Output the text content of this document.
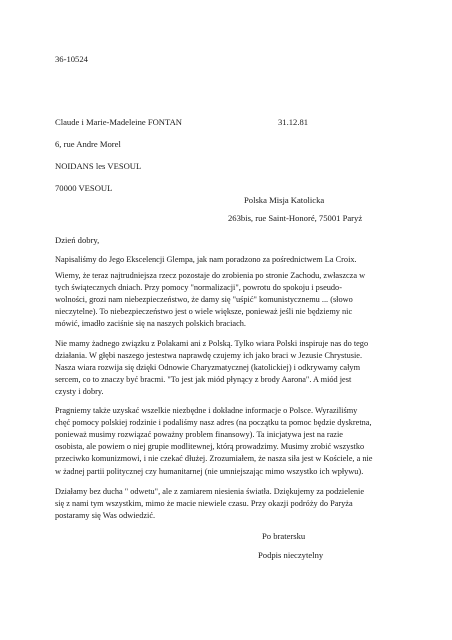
36-10524
Claude i Marie-Madeleine FONTAN	31.12.81
6, rue Andre Morel
NOIDANS les VESOUL
70000 VESOUL
Polska Misja Katolicka
263bis, rue Saint-Honoré, 75001 Paryż
Dzień dobry,
Napisaliśmy do Jego Ekscelencji Glempa, jak nam poradzono za pośrednictwem La Croix.
Wiemy, że teraz najtrudniejsza rzecz pozostaje do zrobienia po stronie Zachodu, zwłaszcza w
tych świątecznych dniach. Przy pomocy "normalizacji", powrotu do spokoju i pseudo-
wolności, grozi nam niebezpieczeństwo, że damy się "uśpić" komunistycznemu ... (słowo
nieczytelne). To niebezpieczeństwo jest o wiele większe, ponieważ jeśli nie będziemy nic
mówić, imadło zaciśnie się na naszych polskich braciach.
Nie mamy żadnego związku z Polakami ani z Polską. Tylko wiara Polski inspiruje nas do tego
działania. W głębi naszego jestestwa naprawdę czujemy ich jako braci w Jezusie Chrystusie.
Nasza wiara rozwija się dzięki Odnowie Charyzmatycznej (katolickiej) i odkrywamy całym
sercem, co to znaczy być bracmi. "To jest jak miód płynący z brody Aarona". A miód jest
czysty i dobry.
Pragniemy także uzyskać wszelkie niezbędne i dokładne informacje o Polsce. Wyraziliśmy
chęć pomocy polskiej rodzinie i podaliśmy nasz adres (na początku ta pomoc będzie dyskretna,
ponieważ musimy rozwiązać poważny problem finansowy). Ta inicjatywa jest na razie
osobista, ale powiem o niej grupie modlitewnej, którą prowadzimy. Musimy zrobić wszystko
przeciwko komunizmowi, i nie czekać dłużej. Zrozumiałem, że nasza siła jest w Kościele, a nie
w żadnej partii politycznej czy humanitarnej (nie umniejszając mimo wszystko ich wpływu).
Działamy bez ducha " odwetu", ale z zamiarem niesienia światła. Dziękujemy za podzielenie
się z nami tym wszystkim, mimo że macie niewiele czasu. Przy okazji podróży do Paryża
postaramy się Was odwiedzić.
Po bratersku
Podpis nieczytelny
